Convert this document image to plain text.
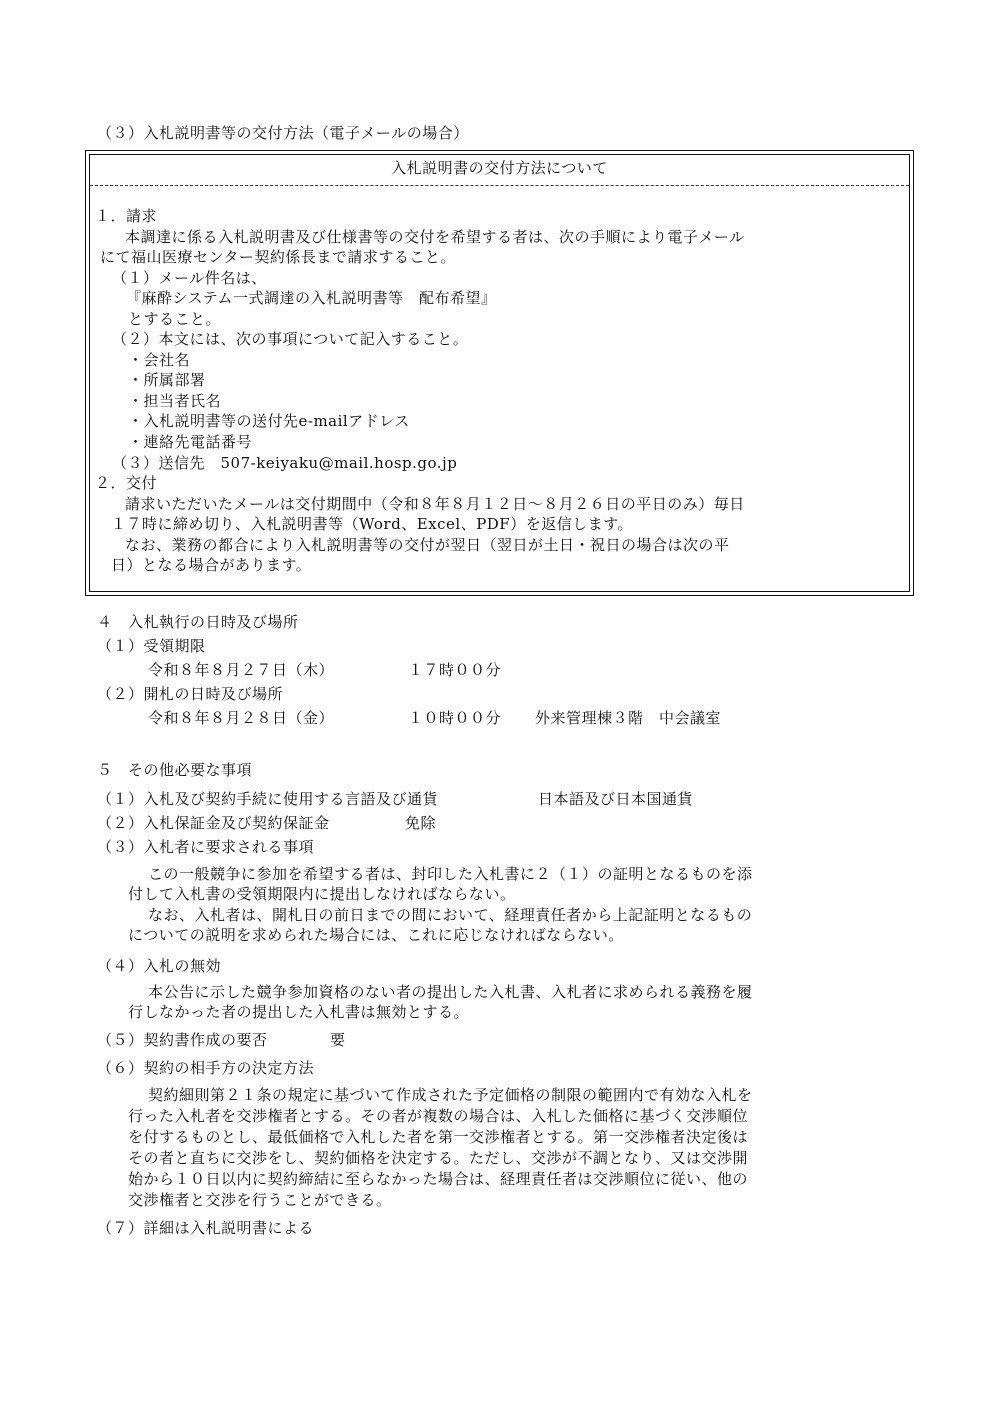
（３）入札説明書等の交付方法（電子メールの場合）
入札説明書の交付方法について
１．請求
本調達に係る入札説明書及び仕様書等の交付を希望する者は、次の手順により電子メール
にて福山医療センター契約係長まで請求すること。
（１）メール件名は、
『麻酔システム一式調達の入札説明書等　配布希望』
とすること。
（２）本文には、次の事項について記入すること。
・会社名
・所属部署
・担当者氏名
・入札説明書等の送付先e-mailアドレス
・連絡先電話番号
（３）送信先　507-keiyaku@mail.hosp.go.jp
２．交付
請求いただいたメールは交付期間中（令和８年８月１２日～８月２６日の平日のみ）毎日
１７時に締め切り、入札説明書等（Word、Excel、PDF）を返信します。
なお、業務の都合により入札説明書等の交付が翌日（翌日が土日・祝日の場合は次の平
日）となる場合があります。
４　入札執行の日時及び場所
（１）受領期限
令和８年８月２７日（木）	１７時００分
（２）開札の日時及び場所
令和８年８月２８日（金）	１０時００分 外来管理棟３階　中会議室
５　その他必要な事項
（１）入札及び契約手続に使用する言語及び通貨	日本語及び日本国通貨
（２）入札保証金及び契約保証金	免除
（３）入札者に要求される事項
この一般競争に参加を希望する者は、封印した入札書に２（１）の証明となるものを添
付して入札書の受領期限内に提出しなければならない。
なお、入札者は、開札日の前日までの間において、経理責任者から上記証明となるもの
についての説明を求められた場合には、これに応じなければならない。
（４）入札の無効
本公告に示した競争参加資格のない者の提出した入札書、入札者に求められる義務を履
行しなかった者の提出した入札書は無効とする。
（５）契約書作成の要否	要
（６）契約の相手方の決定方法
契約細則第２１条の規定に基づいて作成された予定価格の制限の範囲内で有効な入札を
行った入札者を交渉権者とする。その者が複数の場合は、入札した価格に基づく交渉順位
を付するものとし、最低価格で入札した者を第一交渉権者とする。第一交渉権者決定後は
その者と直ちに交渉をし、契約価格を決定する。ただし、交渉が不調となり、又は交渉開
始から１０日以内に契約締結に至らなかった場合は、経理責任者は交渉順位に従い、他の
交渉権者と交渉を行うことができる。
（７）詳細は入札説明書による
